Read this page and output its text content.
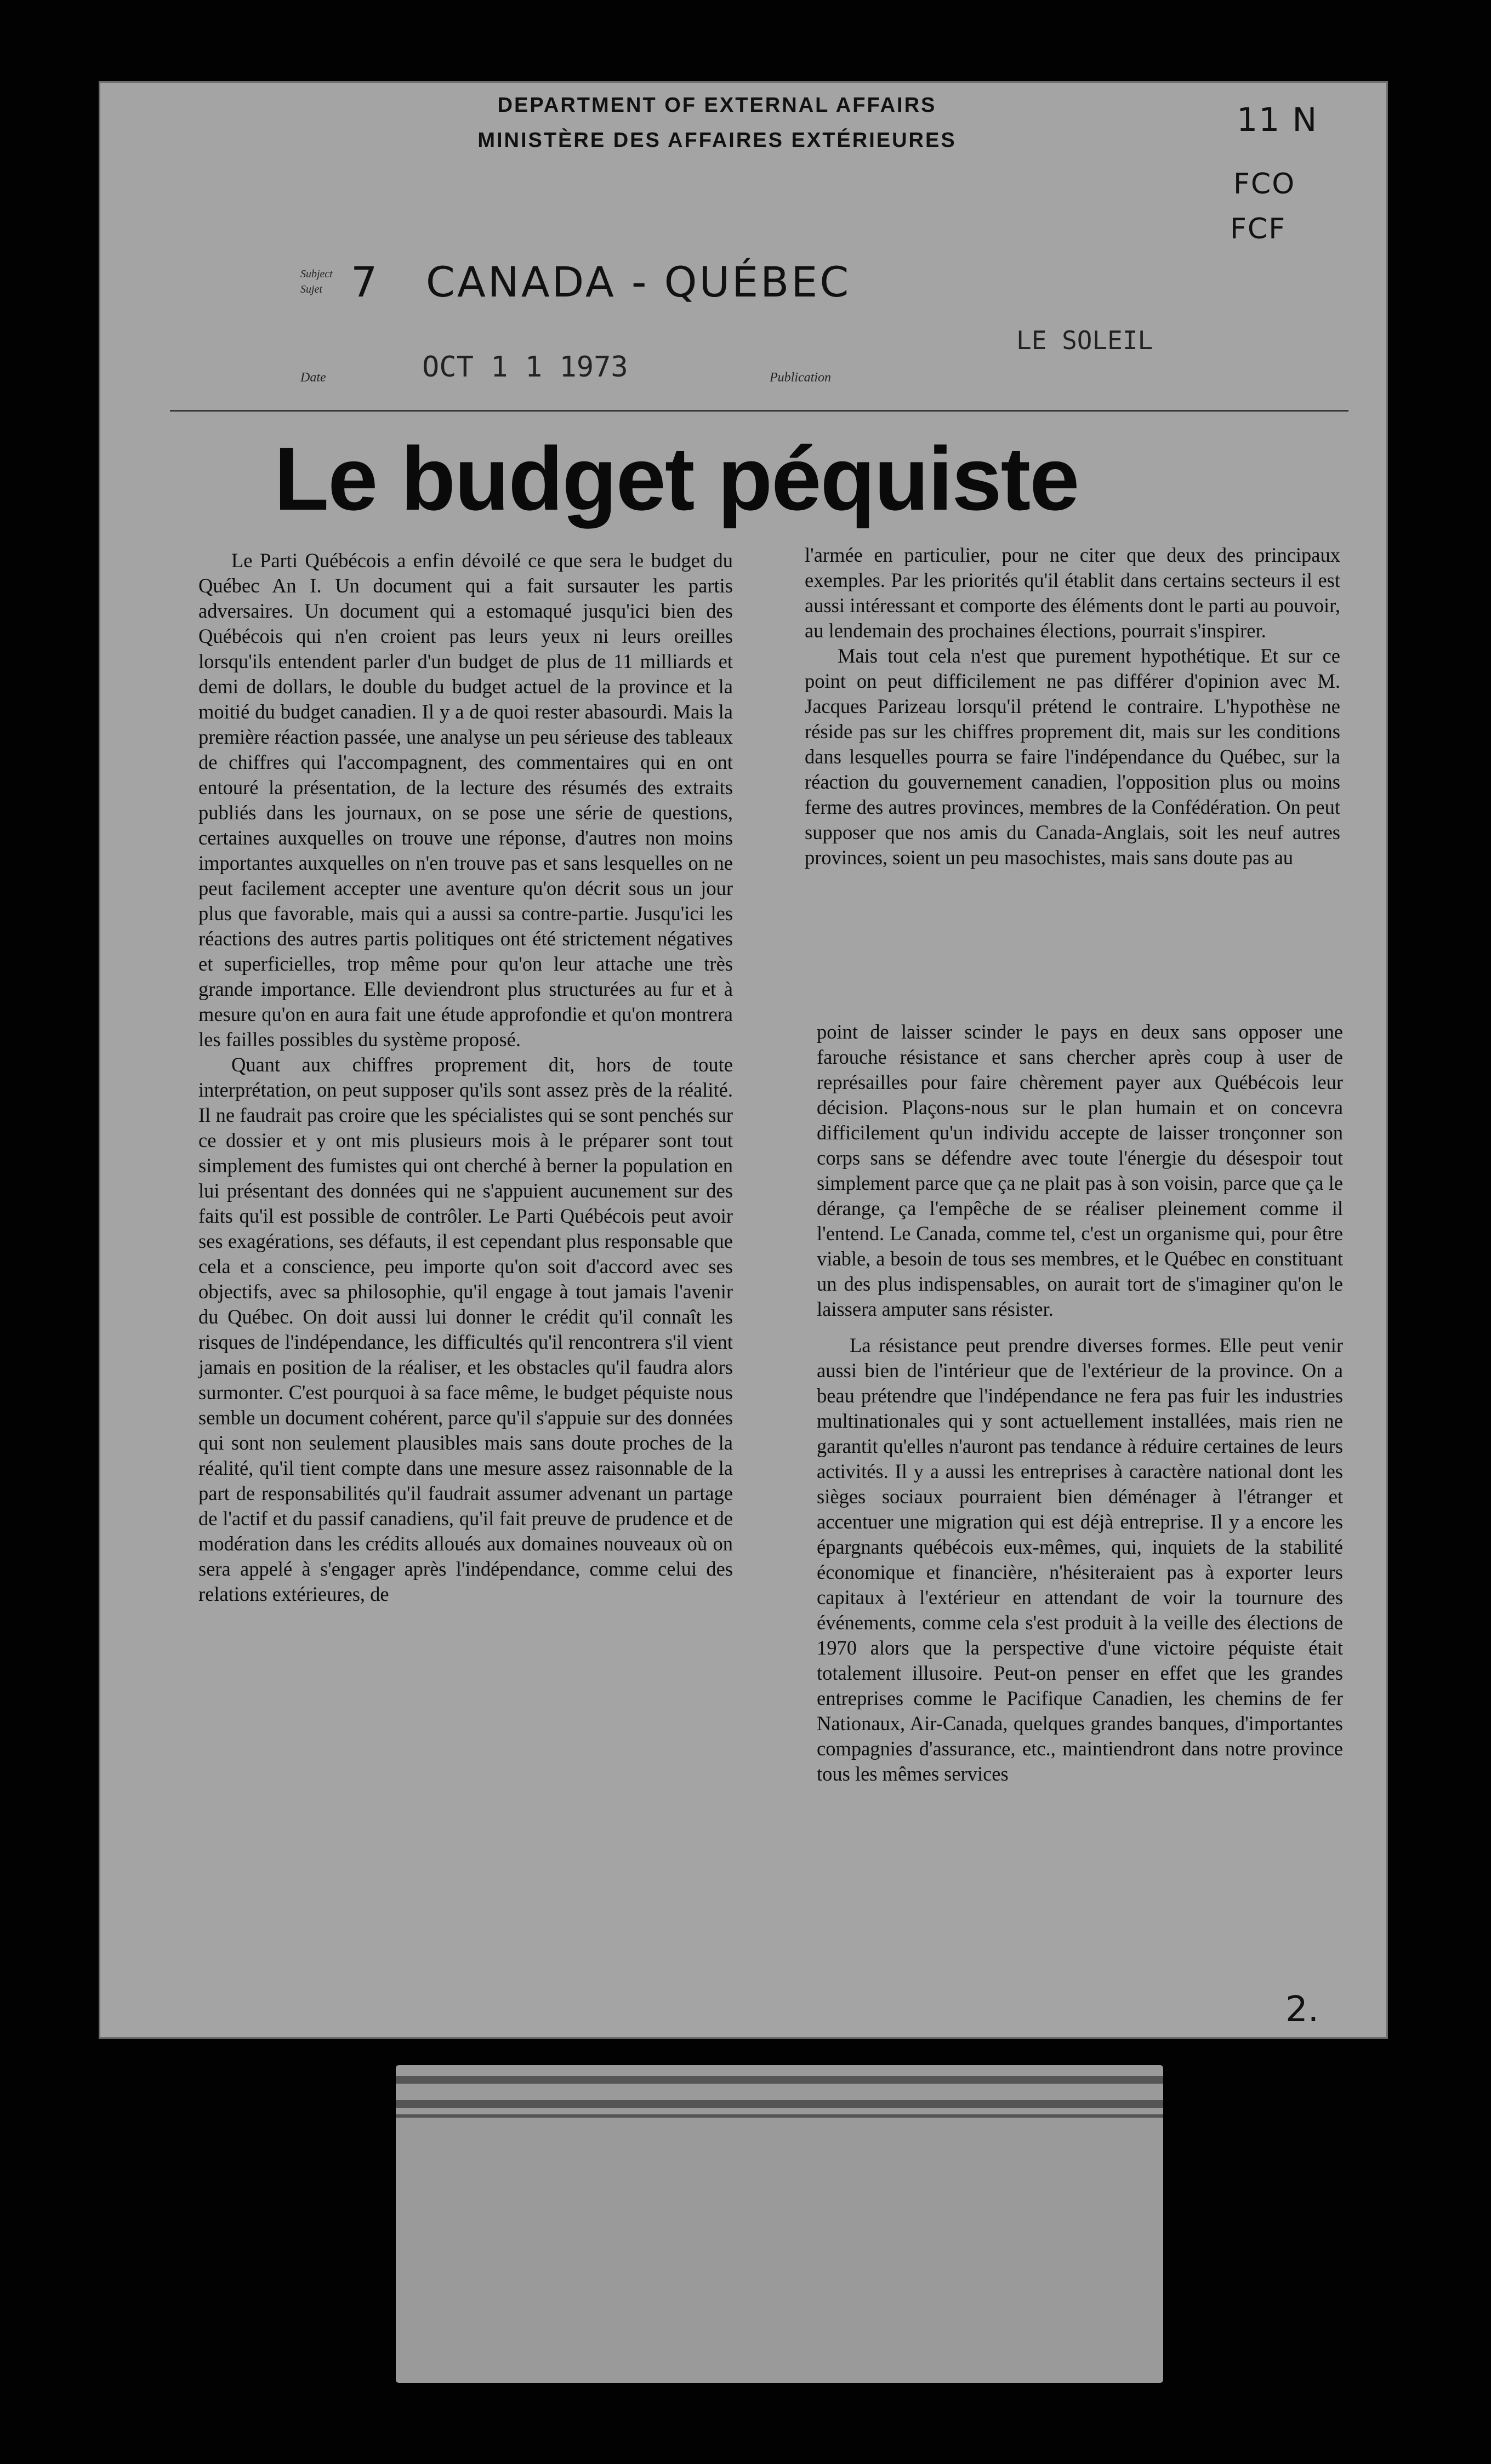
DEPARTMENT OF EXTERNAL AFFAIRS
MINISTÈRE DES AFFAIRES EXTÉRIEURES
Subject
Sujet 7   CANADA - QUÉBEC
Date	OCT 1 1 1973	Publication
LE SOLEIL
11 N
FCO
FCF
Le budget péquiste

Le Parti Québécois a enfin dévoilé ce que sera le budget du Québec An I. Un document qui a fait sursauter les partis adversaires. Un document qui a estomaqué jusqu'ici bien des Québécois qui n'en croient pas leurs yeux ni leurs oreilles lorsqu'ils entendent parler d'un budget de plus de 11 milliards et demi de dollars, le double du budget actuel de la province et la moitié du budget canadien. Il y a de quoi rester abasourdi. Mais la première réaction passée, une analyse un peu sérieuse des tableaux de chiffres qui l'accompagnent, des commentaires qui en ont entouré la présentation, de la lecture des résumés des extraits publiés dans les journaux, on se pose une série de questions, certaines auxquelles on trouve une réponse, d'autres non moins importantes auxquelles on n'en trouve pas et sans lesquelles on ne peut facilement accepter une aventure qu'on décrit sous un jour plus que favorable, mais qui a aussi sa contre-partie. Jusqu'ici les réactions des autres partis politiques ont été strictement négatives et superficielles, trop même pour qu'on leur attache une très grande importance. Elle deviendront plus structurées au fur et à mesure qu'on en aura fait une étude approfondie et qu'on montrera les failles possibles du système proposé.

Quant aux chiffres proprement dit, hors de toute interprétation, on peut supposer qu'ils sont assez près de la réalité. Il ne faudrait pas croire que les spécialistes qui se sont penchés sur ce dossier et y ont mis plusieurs mois à le préparer sont tout simplement des fumistes qui ont cherché à berner la population en lui présentant des données qui ne s'appuient aucunement sur des faits qu'il est possible de contrôler. Le Parti Québécois peut avoir ses exagérations, ses défauts, il est cependant plus responsable que cela et a conscience, peu importe qu'on soit d'accord avec ses objectifs, avec sa philosophie, qu'il engage à tout jamais l'avenir du Québec. On doit aussi lui donner le crédit qu'il connaît les risques de l'indépendance, les difficultés qu'il rencontrera s'il vient jamais en position de la réaliser, et les obstacles qu'il faudra alors surmonter. C'est pourquoi à sa face même, le budget péquiste nous semble un document cohérent, parce qu'il s'appuie sur des données qui sont non seulement plausibles mais sans doute proches de la réalité, qu'il tient compte dans une mesure assez raisonnable de la part de responsabilités qu'il faudrait assumer advenant un partage de l'actif et du passif canadiens, qu'il fait preuve de prudence et de modération dans les crédits alloués aux domaines nouveaux où on sera appelé à s'engager après l'indépendance, comme celui des relations extérieures, de

l'armée en particulier, pour ne citer que deux des principaux exemples. Par les priorités qu'il établit dans certains secteurs il est aussi intéressant et comporte des éléments dont le parti au pouvoir, au lendemain des prochaines élections, pourrait s'inspirer.

Mais tout cela n'est que purement hypothétique. Et sur ce point on peut difficilement ne pas différer d'opinion avec M. Jacques Parizeau lorsqu'il prétend le contraire. L'hypothèse ne réside pas sur les chiffres proprement dit, mais sur les conditions dans lesquelles pourra se faire l'indépendance du Québec, sur la réaction du gouvernement canadien, l'opposition plus ou moins ferme des autres provinces, membres de la Confédération. On peut supposer que nos amis du Canada-Anglais, soit les neuf autres provinces, soient un peu masochistes, mais sans doute pas au

point de laisser scinder le pays en deux sans opposer une farouche résistance et sans chercher après coup à user de représailles pour faire chèrement payer aux Québécois leur décision. Plaçons-nous sur le plan humain et on concevra difficilement qu'un individu accepte de laisser tronçonner son corps sans se défendre avec toute l'énergie du désespoir tout simplement parce que ça ne plait pas à son voisin, parce que ça le dérange, ça l'empêche de se réaliser pleinement comme il l'entend. Le Canada, comme tel, c'est un organisme qui, pour être viable, a besoin de tous ses membres, et le Québec en constituant un des plus indispensables, on aurait tort de s'imaginer qu'on le laissera amputer sans résister.

La résistance peut prendre diverses formes. Elle peut venir aussi bien de l'intérieur que de l'extérieur de la province. On a beau prétendre que l'indépendance ne fera pas fuir les industries multinationales qui y sont actuellement installées, mais rien ne garantit qu'elles n'auront pas tendance à réduire certaines de leurs activités. Il y a aussi les entreprises à caractère national dont les sièges sociaux pourraient bien déménager à l'étranger et accentuer une migration qui est déjà entreprise. Il y a encore les épargnants québécois eux-mêmes, qui, inquiets de la stabilité économique et financière, n'hésiteraient pas à exporter leurs capitaux à l'extérieur en attendant de voir la tournure des événements, comme cela s'est produit à la veille des élections de 1970 alors que la perspective d'une victoire péquiste était totalement illusoire. Peut-on penser en effet que les grandes entreprises comme le Pacifique Canadien, les chemins de fer Nationaux, Air-Canada, quelques grandes banques, d'importantes compagnies d'assurance, etc., maintiendront dans notre province tous les mêmes services

2.
